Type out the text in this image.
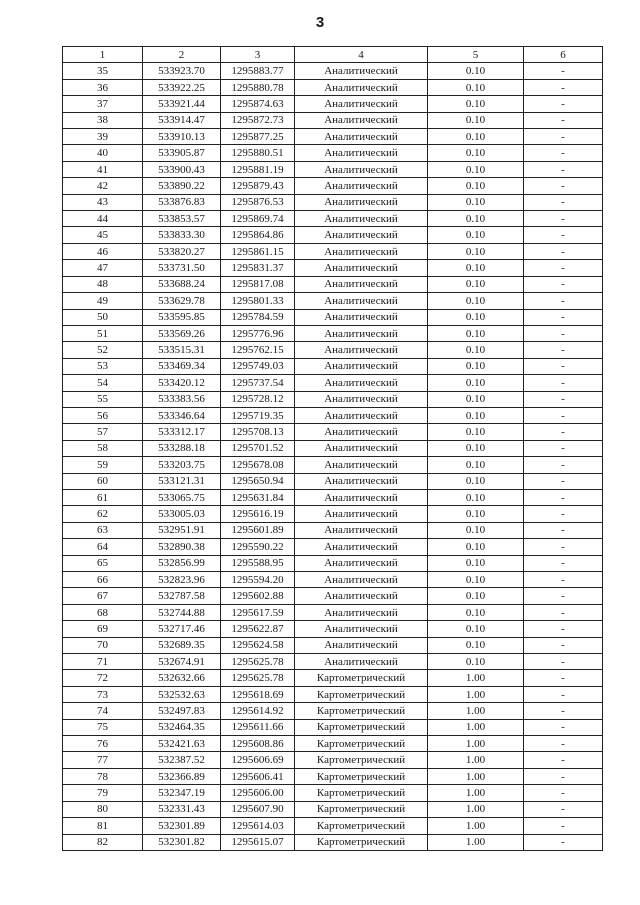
3
1	2	3	4	5	6
35	533923.70	1295883.77	Аналитический	0.10	-
36	533922.25	1295880.78	Аналитический	0.10	-
37	533921.44	1295874.63	Аналитический	0.10	-
38	533914.47	1295872.73	Аналитический	0.10	-
39	533910.13	1295877.25	Аналитический	0.10	-
40	533905.87	1295880.51	Аналитический	0.10	-
41	533900.43	1295881.19	Аналитический	0.10	-
42	533890.22	1295879.43	Аналитический	0.10	-
43	533876.83	1295876.53	Аналитический	0.10	-
44	533853.57	1295869.74	Аналитический	0.10	-
45	533833.30	1295864.86	Аналитический	0.10	-
46	533820.27	1295861.15	Аналитический	0.10	-
47	533731.50	1295831.37	Аналитический	0.10	-
48	533688.24	1295817.08	Аналитический	0.10	-
49	533629.78	1295801.33	Аналитический	0.10	-
50	533595.85	1295784.59	Аналитический	0.10	-
51	533569.26	1295776.96	Аналитический	0.10	-
52	533515.31	1295762.15	Аналитический	0.10	-
53	533469.34	1295749.03	Аналитический	0.10	-
54	533420.12	1295737.54	Аналитический	0.10	-
55	533383.56	1295728.12	Аналитический	0.10	-
56	533346.64	1295719.35	Аналитический	0.10	-
57	533312.17	1295708.13	Аналитический	0.10	-
58	533288.18	1295701.52	Аналитический	0.10	-
59	533203.75	1295678.08	Аналитический	0.10	-
60	533121.31	1295650.94	Аналитический	0.10	-
61	533065.75	1295631.84	Аналитический	0.10	-
62	533005.03	1295616.19	Аналитический	0.10	-
63	532951.91	1295601.89	Аналитический	0.10	-
64	532890.38	1295590.22	Аналитический	0.10	-
65	532856.99	1295588.95	Аналитический	0.10	-
66	532823.96	1295594.20	Аналитический	0.10	-
67	532787.58	1295602.88	Аналитический	0.10	-
68	532744.88	1295617.59	Аналитический	0.10	-
69	532717.46	1295622.87	Аналитический	0.10	-
70	532689.35	1295624.58	Аналитический	0.10	-
71	532674.91	1295625.78	Аналитический	0.10	-
72	532632.66	1295625.78	Картометрический	1.00	-
73	532532.63	1295618.69	Картометрический	1.00	-
74	532497.83	1295614.92	Картометрический	1.00	-
75	532464.35	1295611.66	Картометрический	1.00	-
76	532421.63	1295608.86	Картометрический	1.00	-
77	532387.52	1295606.69	Картометрический	1.00	-
78	532366.89	1295606.41	Картометрический	1.00	-
79	532347.19	1295606.00	Картометрический	1.00	-
80	532331.43	1295607.90	Картометрический	1.00	-
81	532301.89	1295614.03	Картометрический	1.00	-
82	532301.82	1295615.07	Картометрический	1.00	-
